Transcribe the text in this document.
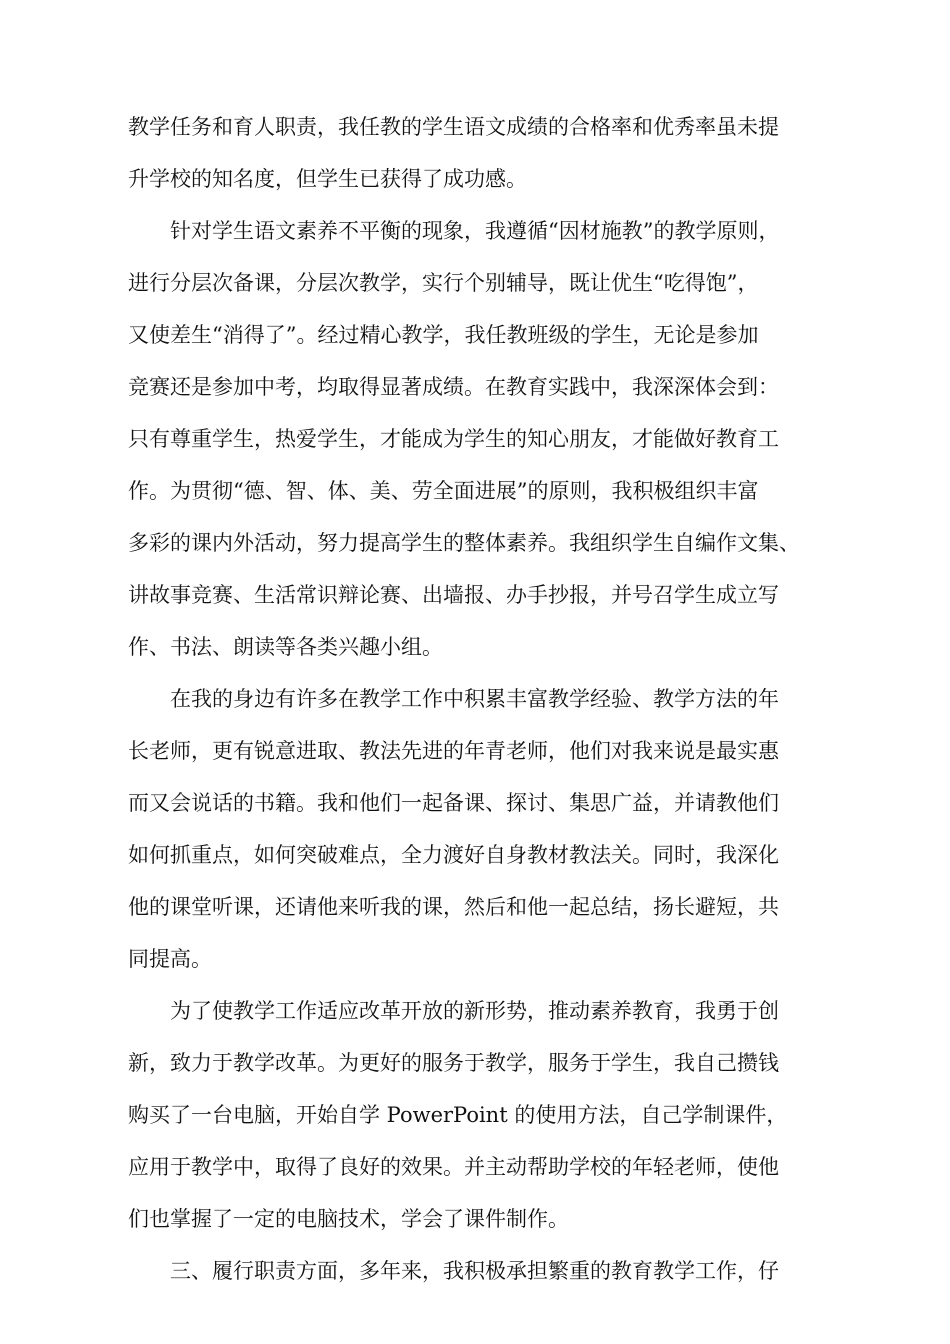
教学任务和育人职责，我任教的学生语文成绩的合格率和优秀率虽未提

升学校的知名度，但学生已获得了成功感。

针对学生语文素养不平衡的现象，我遵循“因材施教”的教学原则，

进行分层次备课，分层次教学，实行个别辅导，既让优生“吃得饱”，

又使差生“消得了”。经过精心教学，我任教班级的学生，无论是参加

竞赛还是参加中考，均取得显著成绩。在教育实践中，我深深体会到：

只有尊重学生，热爱学生，才能成为学生的知心朋友，才能做好教育工

作。为贯彻“德、智、体、美、劳全面进展”的原则，我积极组织丰富

多彩的课内外活动，努力提高学生的整体素养。我组织学生自编作文集、

讲故事竞赛、生活常识辩论赛、出墙报、办手抄报，并号召学生成立写

作、书法、朗读等各类兴趣小组。

在我的身边有许多在教学工作中积累丰富教学经验、教学方法的年

长老师，更有锐意进取、教法先进的年青老师，他们对我来说是最实惠

而又会说话的书籍。我和他们一起备课、探讨、集思广益，并请教他们

如何抓重点，如何突破难点，全力渡好自身教材教法关。同时，我深化

他的课堂听课，还请他来听我的课，然后和他一起总结，扬长避短，共

同提高。

为了使教学工作适应改革开放的新形势，推动素养教育，我勇于创

新，致力于教学改革。为更好的服务于教学，服务于学生，我自己攒钱

购买了一台电脑，开始自学 PowerPoint 的使用方法，自己学制课件，

应用于教学中，取得了良好的效果。并主动帮助学校的年轻老师，使他

们也掌握了一定的电脑技术，学会了课件制作。

三、履行职责方面，多年来，我积极承担繁重的教育教学工作，仔
